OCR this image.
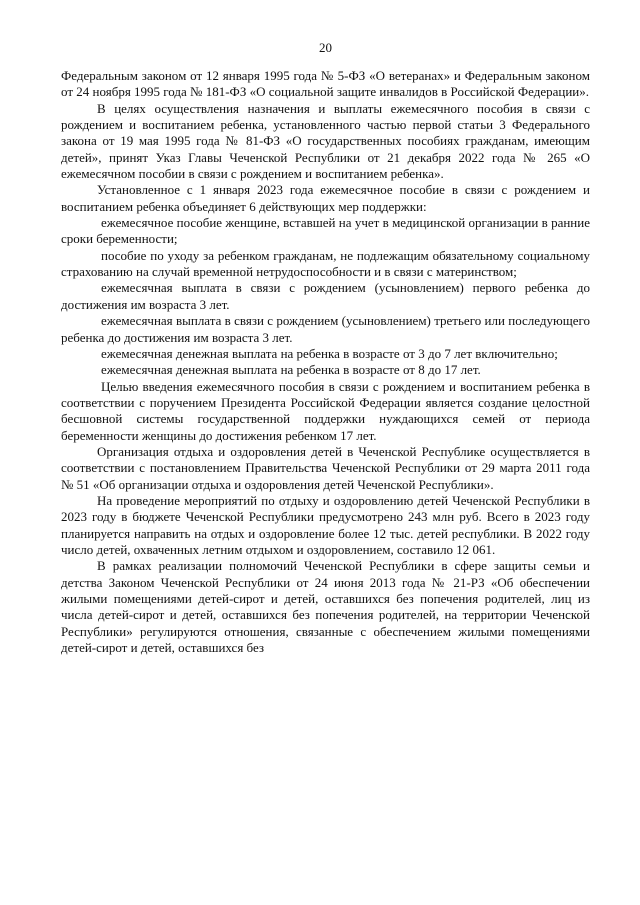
20

Федеральным законом от 12 января 1995 года № 5-ФЗ «О ветеранах» и Федеральным законом от 24 ноября 1995 года № 181-ФЗ «О социальной защите инвалидов в Российской Федерации».

В целях осуществления назначения и выплаты ежемесячного пособия в связи с рождением и воспитанием ребенка, установленного частью первой статьи 3 Федерального закона от 19 мая 1995 года № 81-ФЗ «О государственных пособиях гражданам, имеющим детей», принят Указ Главы Чеченской Республики от 21 декабря 2022 года № 265 «О ежемесячном пособии в связи с рождением и воспитанием ребенка».

Установленное с 1 января 2023 года ежемесячное пособие в связи с рождением и воспитанием ребенка объединяет 6 действующих мер поддержки:

ежемесячное пособие женщине, вставшей на учет в медицинской организации в ранние сроки беременности;

пособие по уходу за ребенком гражданам, не подлежащим обязательному социальному страхованию на случай временной нетрудоспособности и в связи с материнством;

ежемесячная выплата в связи с рождением (усыновлением) первого ребенка до достижения им возраста 3 лет.

ежемесячная выплата в связи с рождением (усыновлением) третьего или последующего ребенка до достижения им возраста 3 лет.

ежемесячная денежная выплата на ребенка в возрасте от 3 до 7 лет включительно;

ежемесячная денежная выплата на ребенка в возрасте от 8 до 17 лет.

Целью введения ежемесячного пособия в связи с рождением и воспитанием ребенка в соответствии с поручением Президента Российской Федерации является создание целостной бесшовной системы государственной поддержки нуждающихся семей от периода беременности женщины до достижения ребенком 17 лет.

Организация отдыха и оздоровления детей в Чеченской Республике осуществляется в соответствии с постановлением Правительства Чеченской Республики от 29 марта 2011 года № 51 «Об организации отдыха и оздоровления детей Чеченской Республики».

На проведение мероприятий по отдыху и оздоровлению детей Чеченской Республики в 2023 году в бюджете Чеченской Республики предусмотрено 243 млн руб. Всего в 2023 году планируется направить на отдых и оздоровление более 12 тыс. детей республики. В 2022 году число детей, охваченных летним отдыхом и оздоровлением, составило 12 061.

В рамках реализации полномочий Чеченской Республики в сфере защиты семьи и детства Законом Чеченской Республики от 24 июня 2013 года № 21-РЗ «Об обеспечении жилыми помещениями детей-сирот и детей, оставшихся без попечения родителей, лиц из числа детей-сирот и детей, оставшихся без попечения родителей, на территории Чеченской Республики» регулируются отношения, связанные с обеспечением жилыми помещениями детей-сирот и детей, оставшихся без
